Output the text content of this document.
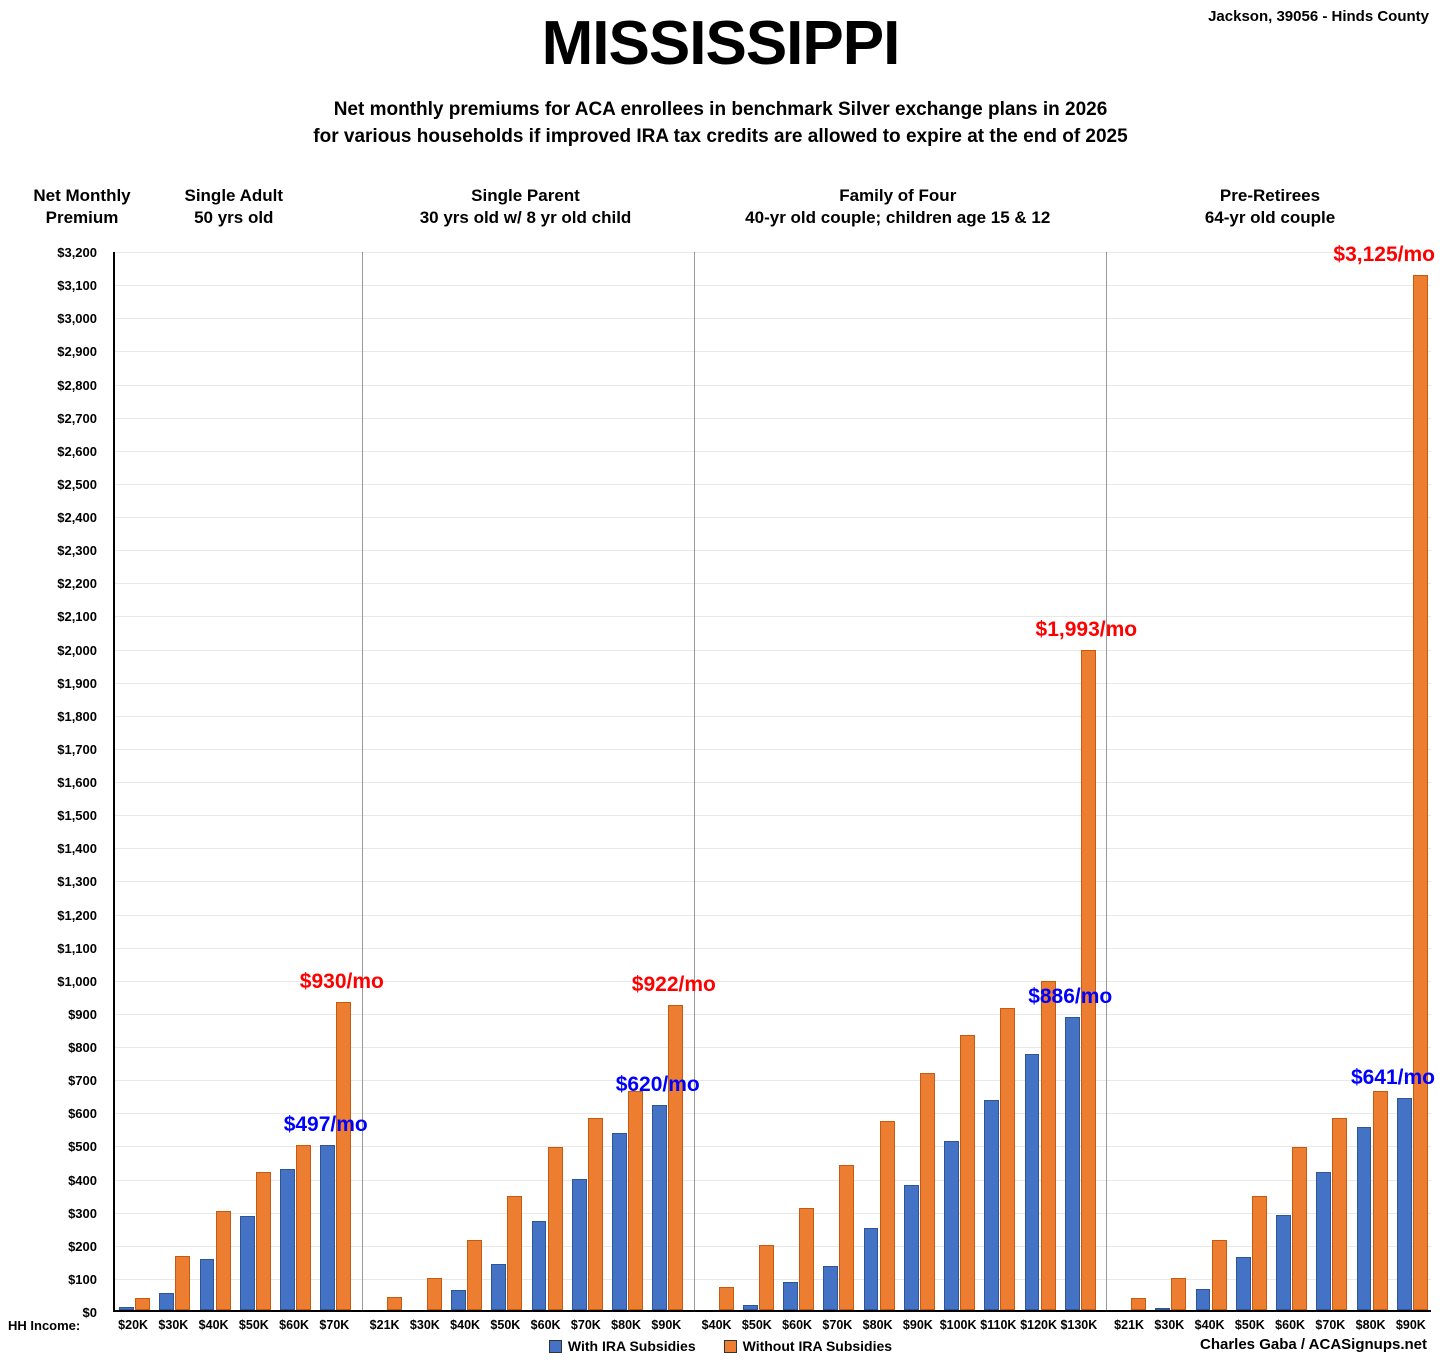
Jackson, 39056 - Hinds County
MISSISSIPPI
Net monthly premiums for ACA enrollees in benchmark Silver exchange plans in 2026
for various households if improved IRA tax credits are allowed to expire at the end of 2025
Net Monthly
Premium
Single Adult
50 yrs old
Single Parent
30 yrs old w/ 8 yr old child
Family of Four
40-yr old couple; children age 15 & 12
Pre-Retirees
64-yr old couple
$0
$100
$200
$300
$400
$500
$600
$700
$800
$900
$1,000
$1,100
$1,200
$1,300
$1,400
$1,500
$1,600
$1,700
$1,800
$1,900
$2,000
$2,100
$2,200
$2,300
$2,400
$2,500
$2,600
$2,700
$2,800
$2,900
$3,000
$3,100
$3,200
HH Income:
With IRA Subsidies	Without IRA Subsidies	Charles Gaba / ACASignups.net
$20K $30K $40K $50K $60K $70K
$930/mo
$497/mo
$21K $30K $40K $50K $60K $70K $80K $90K
$922/mo
$620/mo
$40K $50K $60K $70K $80K $90K $100K $110K $120K $130K
$1,993/mo
$886/mo
$21K $30K $40K $50K $60K $70K $80K $90K
$3,125/mo
$641/mo
